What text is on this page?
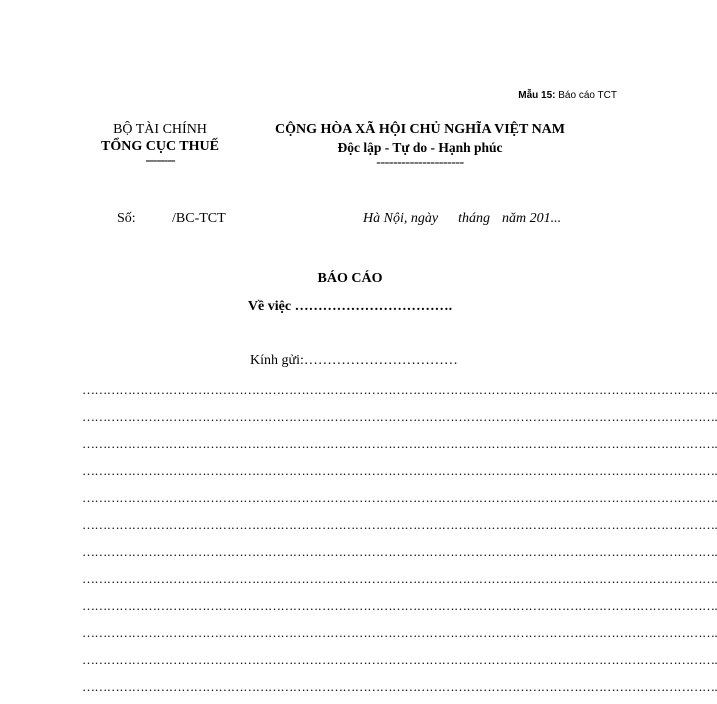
Mẫu 15: Báo cáo TCT
BỘ TÀI CHÍNH
TỔNG CỤC THUẾ
--------
CỘNG HÒA XÃ HỘI CHỦ NGHĨA VIỆT NAM
Độc lập - Tự do - Hạnh phúc
---------------------
Số:	/BC-TCT	Hà Nội, ngày tháng năm 201...
BÁO CÁO
Về việc …………………………….
Kính gửi:……………………………
……………………………………………………………………………………………………………………………………….
……………………………………………………………………………………………………………………………………….
……………………………………………………………………………………………………………………………………….
……………………………………………………………………………………………………………………………………….
……………………………………………………………………………………………………………………………………….
……………………………………………………………………………………………………………………………………….
……………………………………………………………………………………………………………………………………….
……………………………………………………………………………………………………………………………………….
……………………………………………………………………………………………………………………………………….
……………………………………………………………………………………………………………………………………….
……………………………………………………………………………………………………………………………………….
……………………………………………………………………………………………………………………………………….
